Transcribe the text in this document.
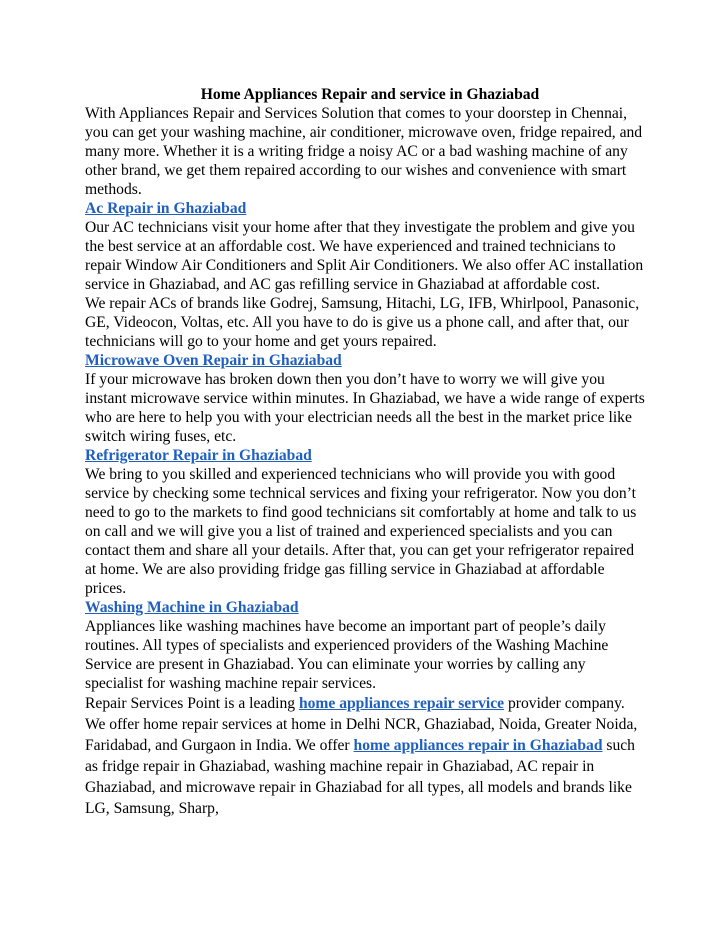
Home Appliances Repair and service in Ghaziabad

With Appliances Repair and Services Solution that comes to your doorstep in Chennai, you can get your washing machine, air conditioner, microwave oven, fridge repaired, and many more. Whether it is a writing fridge a noisy AC or a bad washing machine of any other brand, we get them repaired according to our wishes and convenience with smart methods.

Ac Repair in Ghaziabad

Our AC technicians visit your home after that they investigate the problem and give you the best service at an affordable cost. We have experienced and trained technicians to repair Window Air Conditioners and Split Air Conditioners. We also offer AC installation service in Ghaziabad, and AC gas refilling service in Ghaziabad at affordable cost.

We repair ACs of brands like Godrej, Samsung, Hitachi, LG, IFB, Whirlpool, Panasonic, GE, Videocon, Voltas, etc. All you have to do is give us a phone call, and after that, our technicians will go to your home and get yours repaired.

Microwave Oven Repair in Ghaziabad

If your microwave has broken down then you don’t have to worry we will give you instant microwave service within minutes. In Ghaziabad, we have a wide range of experts who are here to help you with your electrician needs all the best in the market price like switch wiring fuses, etc.

Refrigerator Repair in Ghaziabad

We bring to you skilled and experienced technicians who will provide you with good service by checking some technical services and fixing your refrigerator. Now you don’t need to go to the markets to find good technicians sit comfortably at home and talk to us on call and we will give you a list of trained and experienced specialists and you can contact them and share all your details. After that, you can get your refrigerator repaired at home. We are also providing fridge gas filling service in Ghaziabad at affordable prices.

Washing Machine in Ghaziabad

Appliances like washing machines have become an important part of people’s daily routines. All types of specialists and experienced providers of the Washing Machine Service are present in Ghaziabad. You can eliminate your worries by calling any specialist for washing machine repair services.

Repair Services Point is a leading home appliances repair service provider company. We offer home repair services at home in Delhi NCR, Ghaziabad, Noida, Greater Noida, Faridabad, and Gurgaon in India. We offer home appliances repair in Ghaziabad such as fridge repair in Ghaziabad, washing machine repair in Ghaziabad, AC repair in Ghaziabad, and microwave repair in Ghaziabad for all types, all models and brands like LG, Samsung, Sharp,
